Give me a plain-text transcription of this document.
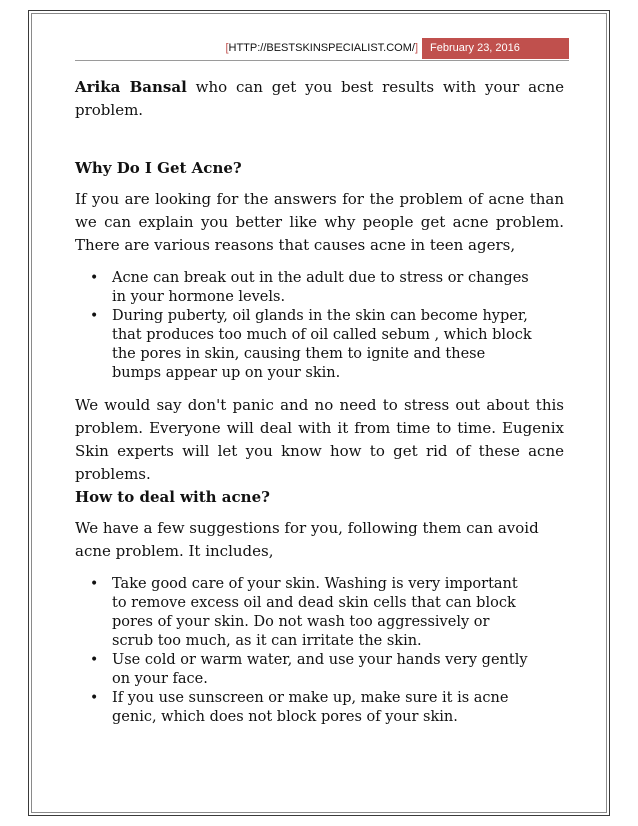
[HTTP://BESTSKINSPECIALIST.COM/]	February 23, 2016

Arika Bansal who can get you best results with your acne problem.

Why Do I Get Acne?

If you are looking for the answers for the problem of acne than we can explain you better like why people get acne problem. There are various reasons that causes acne in teen agers,

• Acne can break out in the adult due to stress or changes in your hormone levels.
• During puberty, oil glands in the skin can become hyper, that produces too much of oil called sebum , which block the pores in skin, causing them to ignite and these bumps appear up on your skin.

We would say don't panic and no need to stress out about this problem. Everyone will deal with it from time to time. Eugenix Skin experts will let you know how to get rid of these acne problems.

How to deal with acne?

We have a few suggestions for you, following them can avoid acne problem. It includes,

• Take good care of your skin. Washing is very important to remove excess oil and dead skin cells that can block pores of your skin. Do not wash too aggressively or scrub too much, as it can irritate the skin.
• Use cold or warm water, and use your hands very gently on your face.
• If you use sunscreen or make up, make sure it is acne genic, which does not block pores of your skin.
